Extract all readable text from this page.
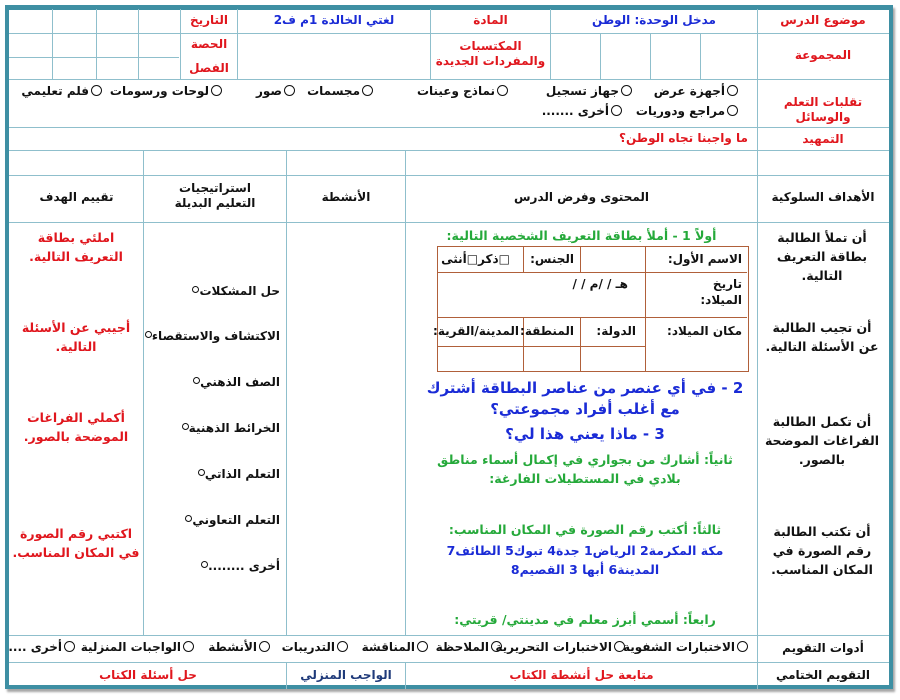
موضوع الدرس
مدخل الوحدة: الوطن
المادة
لغتي الخالدة 1م ف2
التاريخ
المجموعة
المكتسبات والمفردات الجديدة
الحصة
الفصل
تقلبات التعلم والوسائل
أجهزة عرض
جهاز تسجيل
نماذج وعينات
مجسمات
صور
لوحات ورسومات
فلم تعليمي
مراجع ودوريات
أخرى .......
التمهيد
ما واجبنا تجاه الوطن؟
الأهداف السلوكية
المحتوى وفرض الدرس
الأنشطة
استراتيجيات التعليم البديلة
تقييم الهدف
أن تملأ الطالبة بطاقة التعريف التالية.
أن تجيب الطالبة عن الأسئلة التالية.
أن تكمل الطالبة الفراغات الموضحة بالصور.
أن تكتب الطالبة رقم الصورة في المكان المناسب.
أولاً 1 - أملأ بطاقة التعريف الشخصية التالية:
الاسم الأول:
الجنس:
□ذكر□أنثى
تاريخ الميلاد:
/ / هـ / /م
مكان الميلاد:
الدولة:
المنطقة:
المدينة/القرية:
2 - في أي عنصر من عناصر البطاقة أشترك مع أغلب أفراد مجموعتي؟
3 - ماذا يعني هذا لي؟
ثانياً: أشارك من بجواري في إكمال أسماء مناطق بلادي في المستطيلات الفارغة:
ثالثاً: أكتب رقم الصورة في المكان المناسب:
مكة المكرمة2 الرياض1 جدة4 تبوك5 الطائف7
المدينة6 أبها 3 القصيم8
رابعاً: أسمي أبرز معلم في مدينتي/ قريتي:
حل المشكلات
الاكتشاف والاستقصاء
الصف الذهني
الخرائط الذهنية
التعلم الذاتي
التعلم التعاوني
أخرى ........
املئي بطاقة التعريف التالية.
أجيبي عن الأسئلة التالية.
أكملي الفراغات الموضحة بالصور.
اكتبي رقم الصورة في المكان المناسب.
أدوات التقويم
الاختبارات الشفوية
الاختبارات التحريرية
الملاحظة
المناقشة
التدريبات
الأنشطة
الواجبات المنزلية
أخرى ....
التقويم الختامي
متابعة حل أنشطة الكتاب
الواجب المنزلي
حل أسئلة الكتاب
